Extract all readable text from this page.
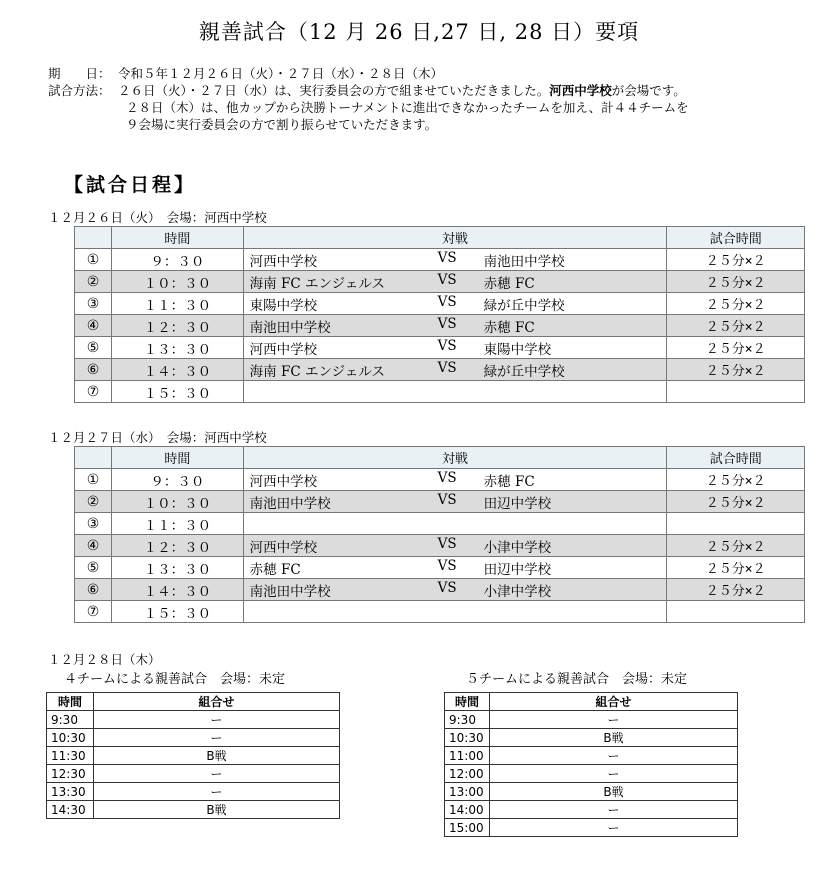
親善試合（12 月 26 日,27 日, 28 日）要項
期　　日： 令和５年１２月２６日（火）・２７日（水）・２８日（木）
試合方法： ２６日（火）・２７日（水）は、実行委員会の方で組ませていただきました。河西中学校が会場です。
２８日（木）は、他カップから決勝トーナメントに進出できなかったチームを加え、計４４チームを
９会場に実行委員会の方で割り振らせていただきます。
【試合日程】
１２月２６日（火）　会場：河西中学校
	時間	対戦	試合時間
①	９：３０	河西中学校 VS 南池田中学校	２５分×２
②	１０：３０	海南 FC エンジェルス VS 赤穂 FC	２５分×２
③	１１：３０	東陽中学校 VS 緑が丘中学校	２５分×２
④	１２：３０	南池田中学校 VS 赤穂 FC	２５分×２
⑤	１３：３０	河西中学校 VS 東陽中学校	２５分×２
⑥	１４：３０	海南 FC エンジェルス VS 緑が丘中学校	２５分×２
⑦	１５：３０	

１２月２７日（水）　会場：河西中学校
	時間	対戦	試合時間
①	９：３０	河西中学校 VS 赤穂 FC	２５分×２
②	１０：３０	南池田中学校 VS 田辺中学校	２５分×２
③	１１：３０	

④	１２：３０	河西中学校 VS 小津中学校	２５分×２
⑤	１３：３０	赤穂 FC VS 田辺中学校	２５分×２
⑥	１４：３０	南池田中学校 VS 小津中学校	２５分×２
⑦	１５：３０	

１２月２８日（木）
４チームによる親善試合　会場：未定	５チームによる親善試合　会場：未定
時間	組合せ
9:30	ー
10:30	ー
11:30	B戦
12:30	ー
13:30	ー
14:30	B戦
時間	組合せ
9:30	ー
10:30	B戦
11:00	ー
12:00	ー
13:00	B戦
14:00	ー
15:00	ー
